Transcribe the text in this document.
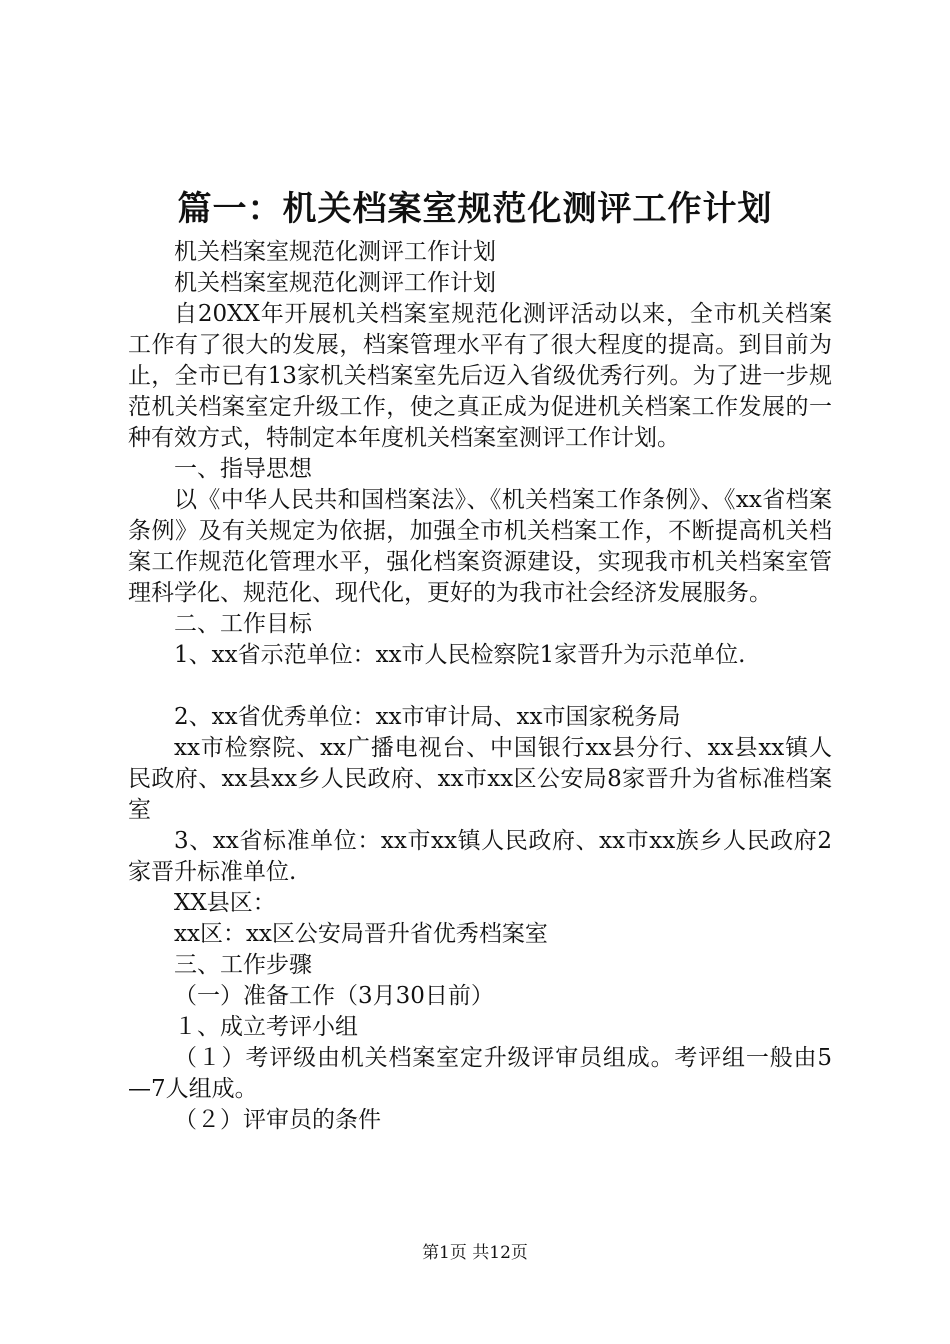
篇一：机关档案室规范化测评工作计划

机关档案室规范化测评工作计划

机关档案室规范化测评工作计划

自20XX年开展机关档案室规范化测评活动以来，全市机关档案工作有了很大的发展，档案管理水平有了很大程度的提高。到目前为止，全市已有13家机关档案室先后迈入省级优秀行列。为了进一步规范机关档案室定升级工作，使之真正成为促进机关档案工作发展的一种有效方式，特制定本年度机关档案室测评工作计划。

一、指导思想

以《中华人民共和国档案法》、《机关档案工作条例》、《xx省档案条例》及有关规定为依据，加强全市机关档案工作，不断提高机关档案工作规范化管理水平，强化档案资源建设，实现我市机关档案室管理科学化、规范化、现代化，更好的为我市社会经济发展服务。

二、工作目标

1、xx省示范单位：xx市人民检察院1家晋升为示范单位.

2、xx省优秀单位：xx市审计局、xx市国家税务局

xx市检察院、xx广播电视台、中国银行xx县分行、xx县xx镇人民政府、xx县xx乡人民政府、xx市xx区公安局8家晋升为省标准档案室

3、xx省标准单位：xx市xx镇人民政府、xx市xx族乡人民政府2家晋升标准单位.

XX县区：

xx区：xx区公安局晋升省优秀档案室

三、工作步骤

（一）准备工作（3月30日前）

１、成立考评小组

（１）考评级由机关档案室定升级评审员组成。考评组一般由5—7人组成。

（２）评审员的条件

第1页 共12页
